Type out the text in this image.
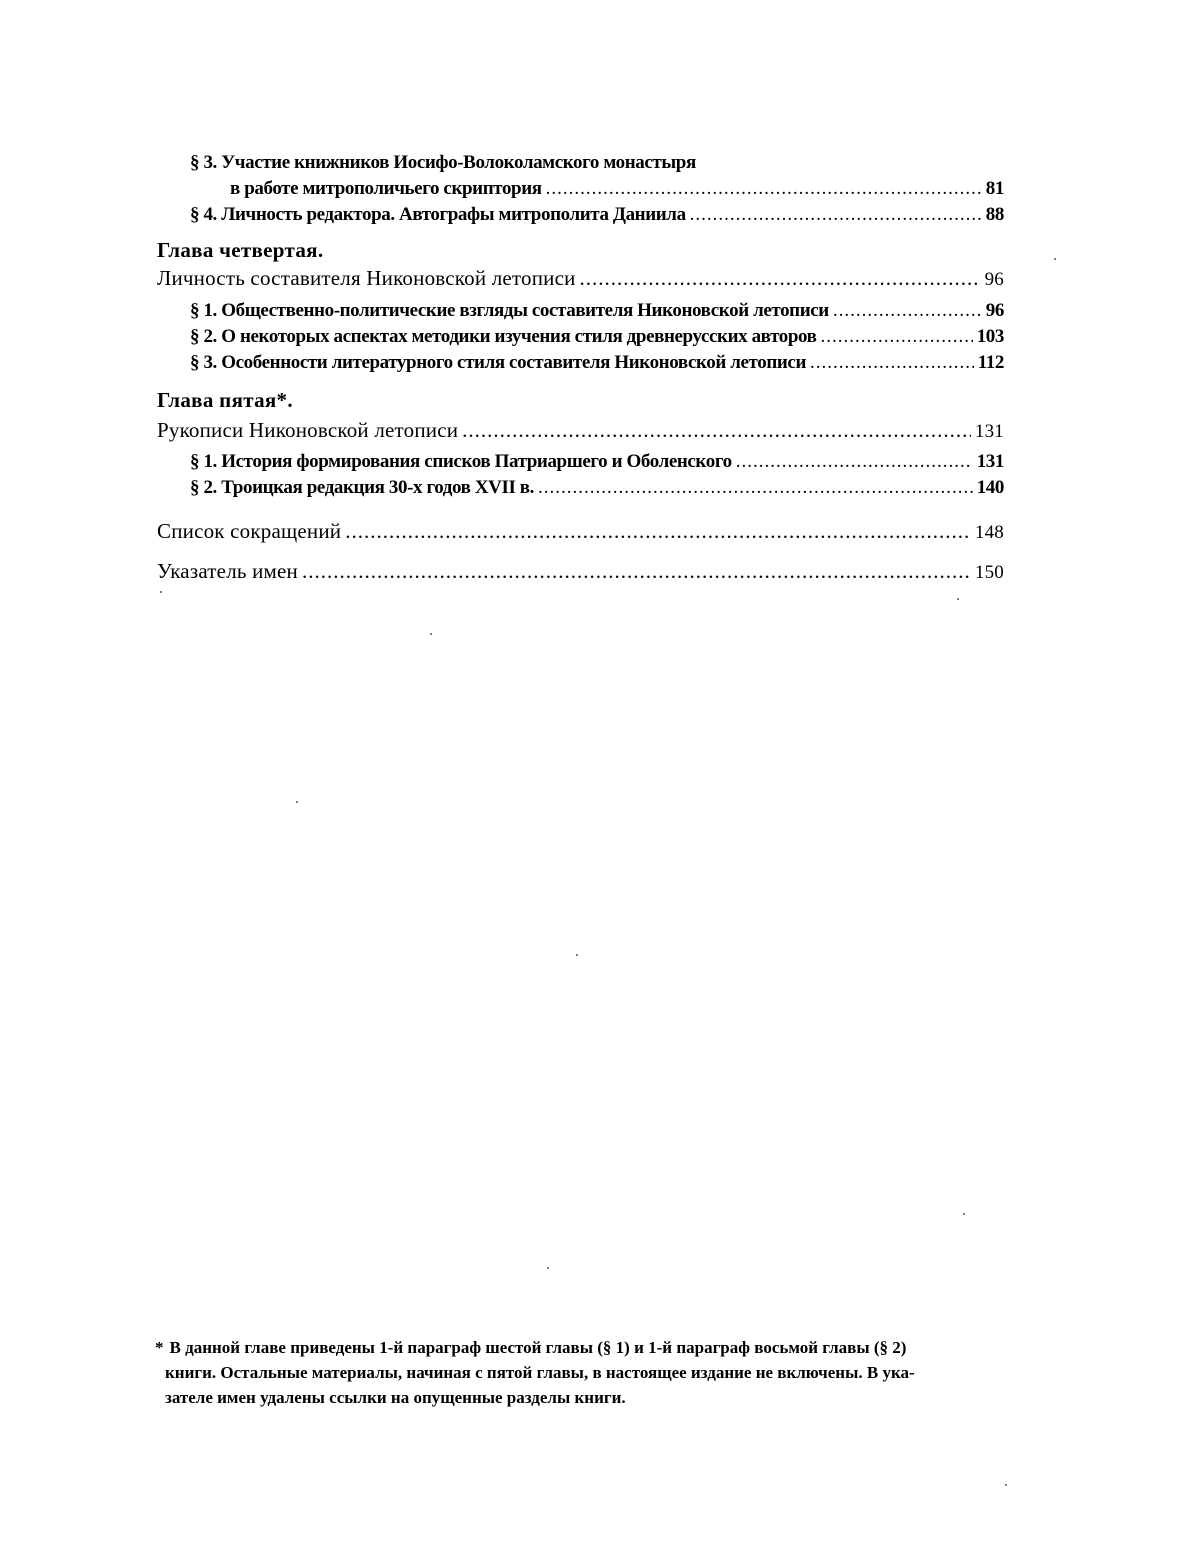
§ 3. Участие книжников Иосифо-Волоколамского монастыря
в работе митрополичьего скриптория .....	81
§ 4. Личность редактора. Автографы митрополита Даниила .....	88
Глава четвертая.
Личность составителя Никоновской летописи .....	96
§ 1. Общественно-политические взгляды составителя Никоновской летописи .....	96
§ 2. О некоторых аспектах методики изучения стиля древнерусских авторов .....	103
§ 3. Особенности литературного стиля составителя Никоновской летописи .....	112
Глава пятая*.
Рукописи Никоновской летописи .....	131
§ 1. История формирования списков Патриаршего и Оболенского .....	131
§ 2. Троицкая редакция 30-х годов XVII в. .....	140
Список сокращений .....	148
Указатель имен .....	150
* В данной главе приведены 1-й параграф шестой главы (§ 1) и 1-й параграф восьмой главы (§ 2)
книги. Остальные материалы, начиная с пятой главы, в настоящее издание не включены. В ука-
зателе имен удалены ссылки на опущенные разделы книги.
